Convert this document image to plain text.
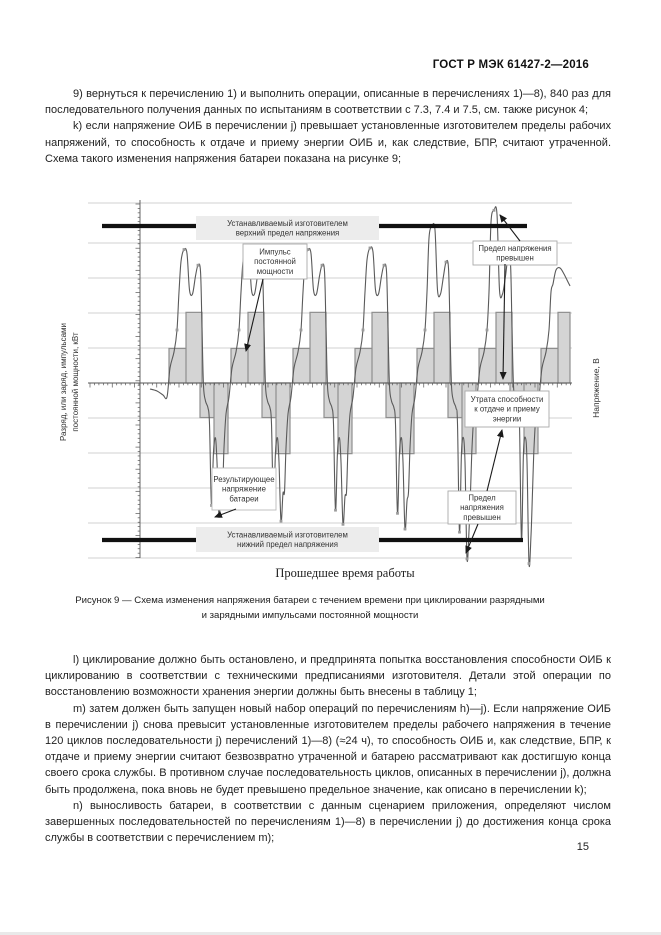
ГОСТ Р МЭК 61427-2—2016

9) вернуться к перечислению 1) и выполнить операции, описанные в перечислениях 1)—8), 840 раз для последовательного получения данных по испытаниям в соответствии с 7.3, 7.4 и 7.5, см. также рисунок 4;

k) если напряжение ОИБ в перечислении j) превышает установленные изготовителем пределы рабочих напряжений, то способность к отдаче и приему энергии ОИБ и, как следствие, БПР, считают утраченной. Схема такого изменения напряжения батареи показана на рисунке 9;

Устанавливаемый изготовителем верхний предел напряжения
Импульс постоянной мощности
Предел напряжения превышен
Утрата способности к отдаче и приему энергии
Результирующее напряжение батареи	Предел напряжения превышен
Устанавливаемый изготовителем нижний предел напряжения
Разряд, или заряд, импульсами постоянной мощности, кВт	Напряжение, В
Прошедшее время работы
Рисунок 9 — Схема изменения напряжения батареи с течением времени при циклировании разрядными
и зарядными импульсами постоянной мощности

l) циклирование должно быть остановлено, и предпринята попытка восстановления способности ОИБ к циклированию в соответствии с техническими предписаниями изготовителя. Детали этой операции по восстановлению возможности хранения энергии должны быть внесены в таблицу 1;

m) затем должен быть запущен новый набор операций по перечислениям h)—j). Если напряжение ОИБ в перечислении j) снова превысит установленные изготовителем пределы рабочего напряжения в течение 120 циклов последовательности j) перечислений 1)—8) (≈24 ч), то способность ОИБ и, как следствие, БПР, к отдаче и приему энергии считают безвозвратно утраченной и батарею рассматривают как достигшую конца своего срока службы. В противном случае последовательность циклов, описанных в перечислении j), должна быть продолжена, пока вновь не будет превышено предельное значение, как описано в перечислении k);

n) выносливость батареи, в соответствии с данным сценарием приложения, определяют числом завершенных последовательностей по перечислениям 1)—8) в перечислении j) до достижения конца срока службы в соответствии с перечислением m);

15
